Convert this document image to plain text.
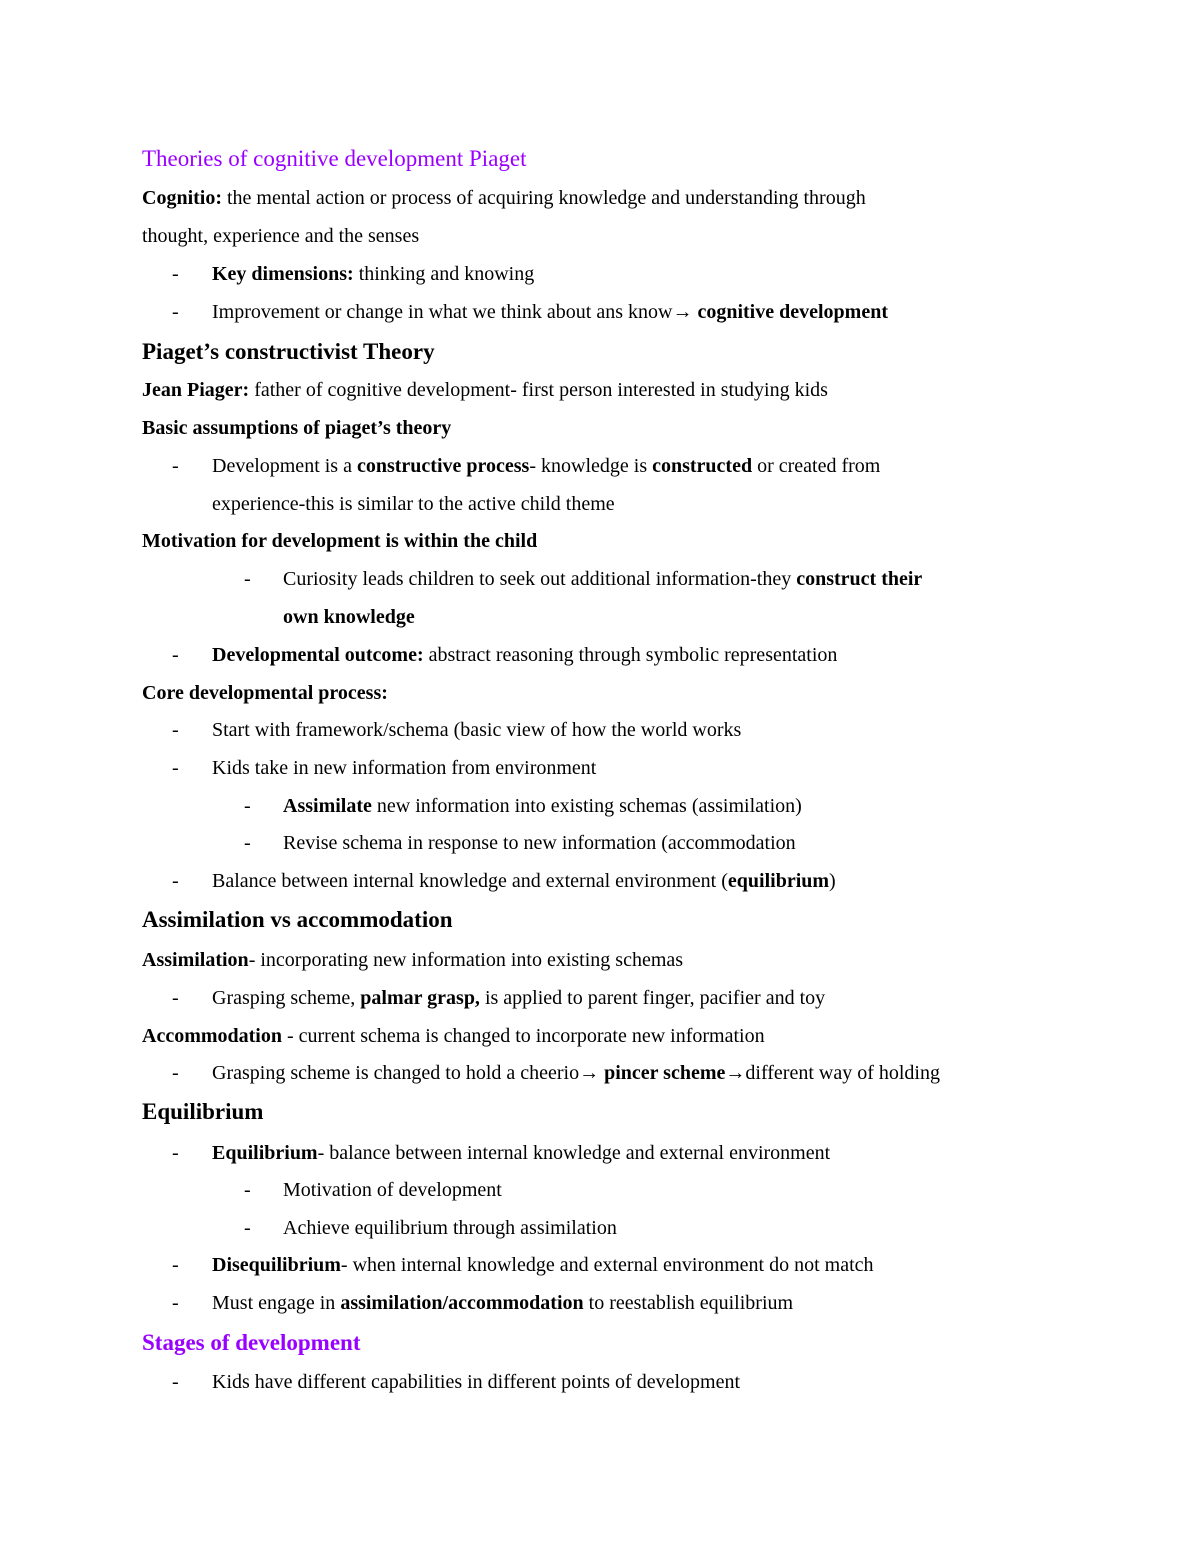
Theories of cognitive development Piaget
Cognitio: the mental action or process of acquiring knowledge and understanding through
thought, experience and the senses
- Key dimensions: thinking and knowing
- Improvement or change in what we think about ans know→ cognitive development
Piaget’s constructivist Theory
Jean Piager: father of cognitive development- first person interested in studying kids
Basic assumptions of piaget’s theory
- Development is a constructive process- knowledge is constructed or created from
experience-this is similar to the active child theme
Motivation for development is within the child
- Curiosity leads children to seek out additional information-they construct their
own knowledge
- Developmental outcome: abstract reasoning through symbolic representation
Core developmental process:
- Start with framework/schema (basic view of how the world works
- Kids take in new information from environment
- Assimilate new information into existing schemas (assimilation)
- Revise schema in response to new information (accommodation
- Balance between internal knowledge and external environment (equilibrium)
Assimilation vs accommodation
Assimilation- incorporating new information into existing schemas
- Grasping scheme, palmar grasp, is applied to parent finger, pacifier and toy
Accommodation - current schema is changed to incorporate new information
- Grasping scheme is changed to hold a cheerio→ pincer scheme→different way of holding
Equilibrium
- Equilibrium- balance between internal knowledge and external environment
- Motivation of development
- Achieve equilibrium through assimilation
- Disequilibrium- when internal knowledge and external environment do not match
- Must engage in assimilation/accommodation to reestablish equilibrium
Stages of development
- Kids have different capabilities in different points of development
